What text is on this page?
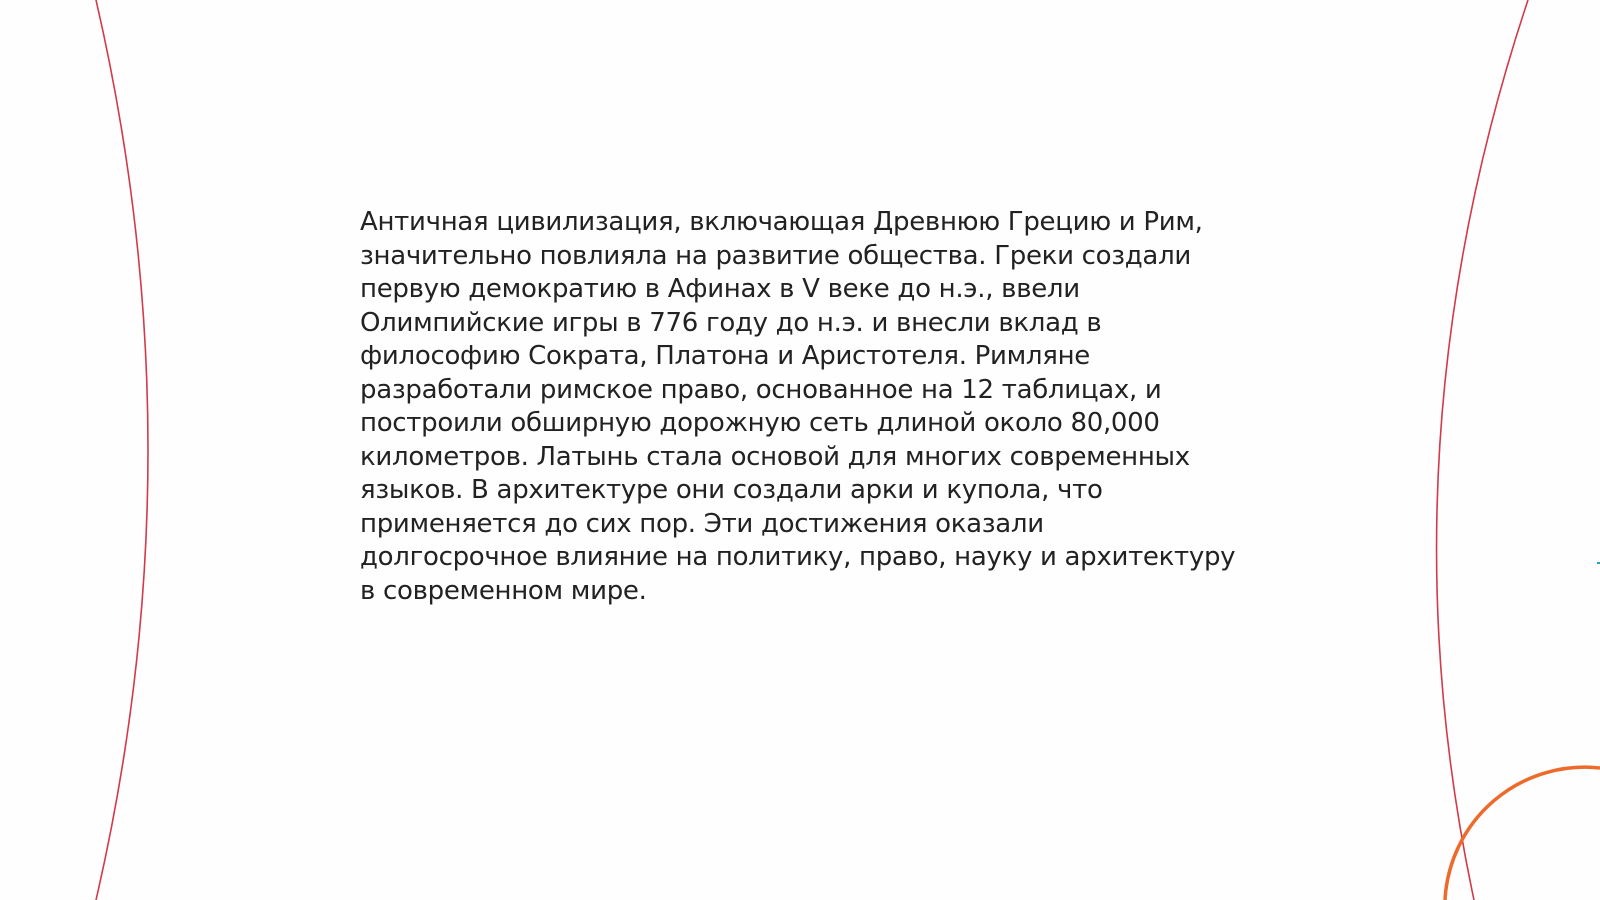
Античная цивилизация, включающая Древнюю Грецию и Рим,
значительно повлияла на развитие общества. Греки создали
первую демократию в Афинах в V веке до н.э., ввели
Олимпийские игры в 776 году до н.э. и внесли вклад в
философию Сократа, Платона и Аристотеля. Римляне
разработали римское право, основанное на 12 таблицах, и
построили обширную дорожную сеть длиной около 80,000
километров. Латынь стала основой для многих современных
языков. В архитектуре они создали арки и купола, что
применяется до сих пор. Эти достижения оказали
долгосрочное влияние на политику, право, науку и архитектуру
в современном мире.
